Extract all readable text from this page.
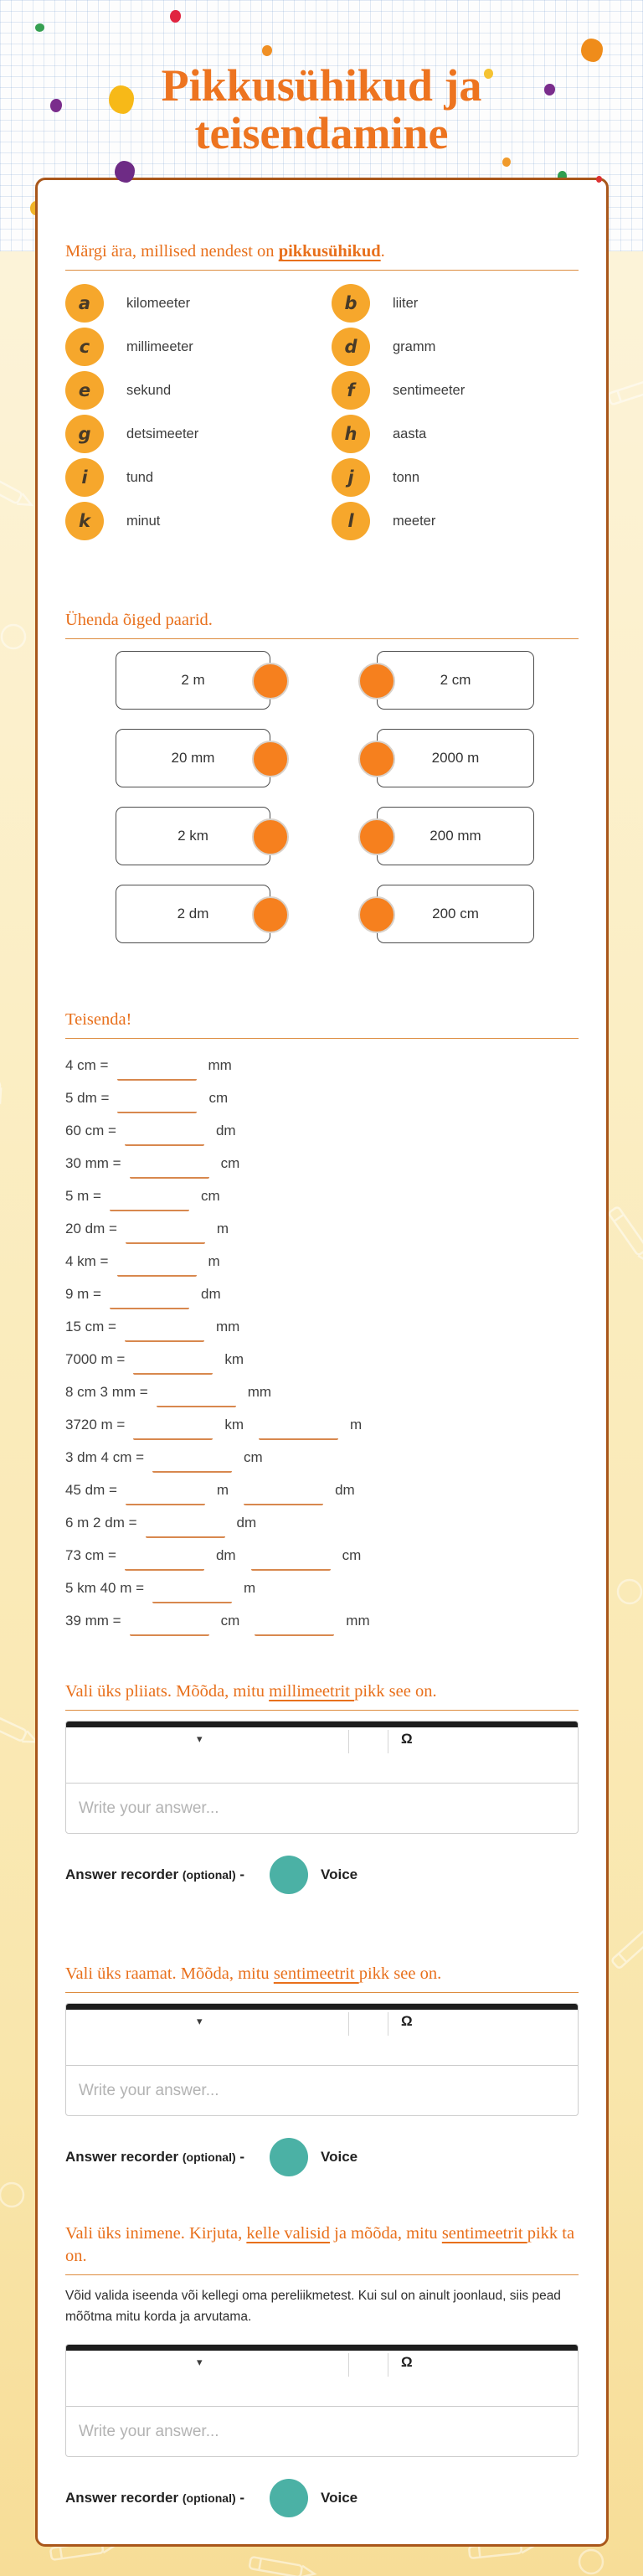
Pikkusühikud ja
teisendamine
Märgi ära, millised nendest on pikkusühikud.
a	kilomeeter	b	liiter
c	millimeeter	d	gramm
e	sekund	f	sentimeeter
g	detsimeeter	h	aasta
i	tund	j	tonn
k	minut	l	meeter
Ühenda õiged paarid.
2 m	2 cm
20 mm	2000 m
2 km	200 mm
2 dm	200 cm
Teisenda!
4 cm =	mm
5 dm =	cm
60 cm =	dm
30 mm =	cm
5 m =	cm
20 dm =	m
4 km =	m
9 m =	dm
15 cm =	mm
7000 m =	km
8 cm 3 mm =	mm
3720 m =	km	m
3 dm 4 cm =	cm
45 dm =	m	dm
6 m 2 dm =	dm
73 cm =	dm	cm
5 km 40 m =	m
39 mm =	cm	mm
Vali üks pliiats. Mõõda, mitu millimeetrit pikk see on.
▾	Ω
Write your answer...
Answer recorder (optional) -	Voice
Vali üks raamat. Mõõda, mitu sentimeetrit pikk see on.
▾	Ω
Write your answer...
Answer recorder (optional) -	Voice
Vali üks inimene. Kirjuta, kelle valisid ja mõõda, mitu sentimeetrit pikk ta on.

Võid valida iseenda või kellegi oma pereliikmetest. Kui sul on ainult joonlaud, siis pead mõõtma mitu korda ja arvutama.

▾	Ω
Write your answer...
Answer recorder (optional) -	Voice
